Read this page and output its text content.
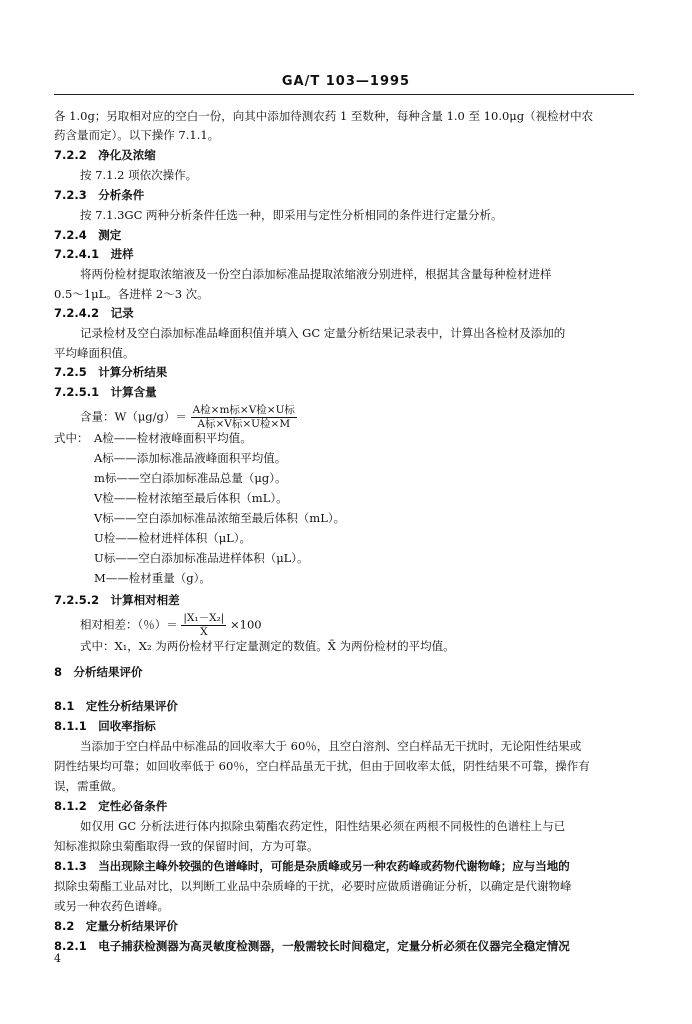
GA/T 103—1995
各 1.0g；另取相对应的空白一份，向其中添加待测农药 1 至数种，每种含量 1.0 至 10.0μg（视检材中农
药含量而定）。以下操作 7.1.1。
7.2.2　净化及浓缩
按 7.1.2 项依次操作。
7.2.3　分析条件
按 7.1.3GC 两种分析条件任选一种，即采用与定性分析相同的条件进行定量分析。
7.2.4　测定
7.2.4.1　进样
将两份检材提取浓缩液及一份空白添加标准品提取浓缩液分别进样，根据其含量每种检材进样
0.5～1μL。各进样 2～3 次。
7.2.4.2　记录
记录检材及空白添加标准品峰面积值并填入 GC 定量分析结果记录表中，计算出各检材及添加的
平均峰面积值。
7.2.5　计算分析结果
7.2.5.1　计算含量
含量：$W(\mu g/g)= \frac{\text{A检×m标×V检×U标}}{\text{A标×V标×U检×M}}$
式中： A检——检材液峰面积平均值。
A标——添加标准品液峰面积平均值。
m标——空白添加标准品总量（μg）。
V检——检材浓缩至最后体积（mL）。
V标——空白添加标准品浓缩至最后体积（mL）。
U检——检材进样体积（μL）。
U标——空白添加标准品进样体积（μL）。
M——检材重量（g）。
7.2.5.2　计算相对相差
相对相差：（％）＝ $\frac{\text{|X₁－X₂|}}{X̄} \times 100$
式中：X₁，X₂ 为两份检材平行定量测定的数值。X̄ 为两份检材的平均值。
8　分析结果评价
8.1　定性分析结果评价
8.1.1　回收率指标
当添加于空白样品中标准品的回收率大于 60％，且空白溶剂、空白样品无干扰时，无论阳性结果或
阴性结果均可靠；如回收率低于 60％，空白样品虽无干扰，但由于回收率太低，阴性结果不可靠，操作有
误，需重做。
8.1.2　定性必备条件
如仅用 GC 分析法进行体内拟除虫菊酯农药定性，阳性结果必须在两根不同极性的色谱柱上与已
知标准拟除虫菊酯取得一致的保留时间，方为可靠。
8.1.3　当出现除主峰外较强的色谱峰时，可能是杂质峰或另一种农药峰或药物代谢物峰；应与当地的
拟除虫菊酯工业品对比，以判断工业品中杂质峰的干扰，必要时应做质谱确证分析，以确定是代谢物峰
或另一种农药色谱峰。
8.2　定量分析结果评价
8.2.1　电子捕获检测器为高灵敏度检测器，一般需较长时间稳定，定量分析必须在仪器完全稳定情况
4
